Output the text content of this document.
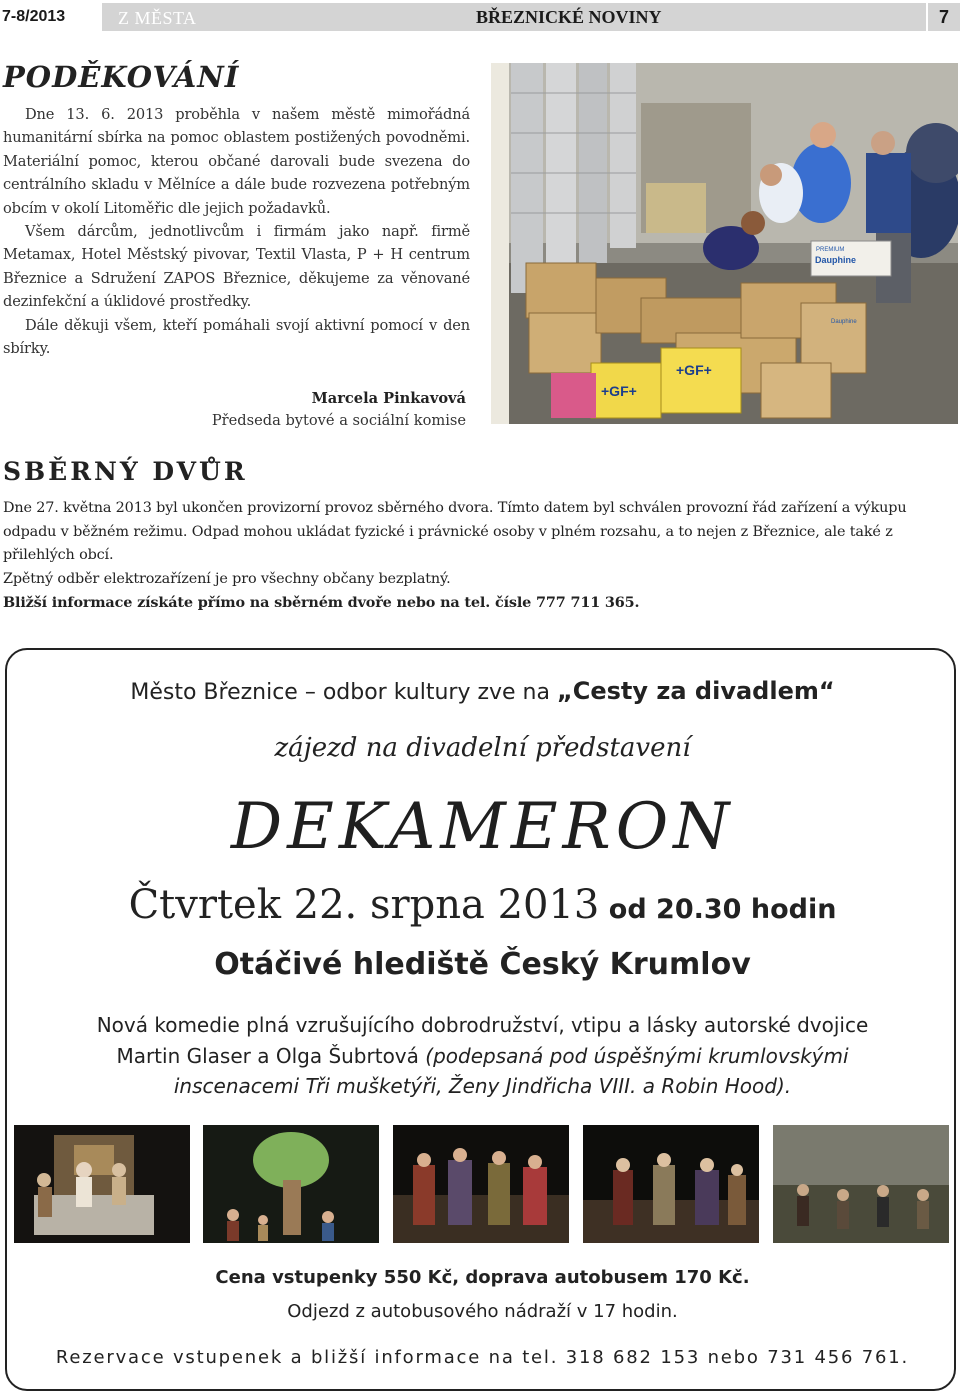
7-8/2013	Z MĚSTA	BŘEZNICKÉ NOVINY	7
PODĚKOVÁNÍ

Dne 13. 6. 2013 proběhla v našem městě mimořádná humanitární sbírka na pomoc oblastem postižených povodněmi. Materiální pomoc, kterou občané darovali bude svezena do centrálního skladu v Mělníce a dále bude rozvezena potřebným obcím v okolí Litoměřic dle jejich požadavků.

Všem dárcům, jednotlivcům i firmám jako např. firmě Metamax, Hotel Městský pivovar, Textil Vlasta, P + H centrum Březnice a Sdružení ZAPOS Březnice, děkujeme za věnované dezinfekční a úklidové prostředky.

Dále děkuji všem, kteří pomáhali svojí aktivní pomocí v den sbírky.

Marcela Pinkavová
Předseda bytové a sociální komise
+GF+
+GF+
Dauphine
PREMIUM
Dauphine
SBĚRNÝ DVŮR

Dne 27. května 2013 byl ukončen provizorní provoz sběrného dvora. Tímto datem byl schválen provozní řád zařízení a výkupu odpadu v běžném režimu. Odpad mohou ukládat fyzické i právnické osoby v plném rozsahu, a to nejen z Březnice, ale také z přilehlých obcí.

Zpětný odběr elektrozařízení je pro všechny občany bezplatný.

Bližší informace získáte přímo na sběrném dvoře nebo na tel. čísle 777 711 365.

Město Březnice – odbor kultury zve na „Cesty za divadlem“
zájezd na divadelní představení
DEKAMERON
Čtvrtek 22. srpna 2013 od 20.30 hodin
Otáčivé hlediště Český Krumlov
Nová komedie plná vzrušujícího dobrodružství, vtipu a lásky autorské dvojice
Martin Glaser a Olga Šubrtová (podepsaná pod úspěšnými krumlovskými
inscenacemi Tři mušketýři, Ženy Jindřicha VIII. a Robin Hood).
Cena vstupenky 550 Kč, doprava autobusem 170 Kč.
Odjezd z autobusového nádraží v 17 hodin.
Rezervace vstupenek a bližší informace na tel. 318 682 153 nebo 731 456 761.
